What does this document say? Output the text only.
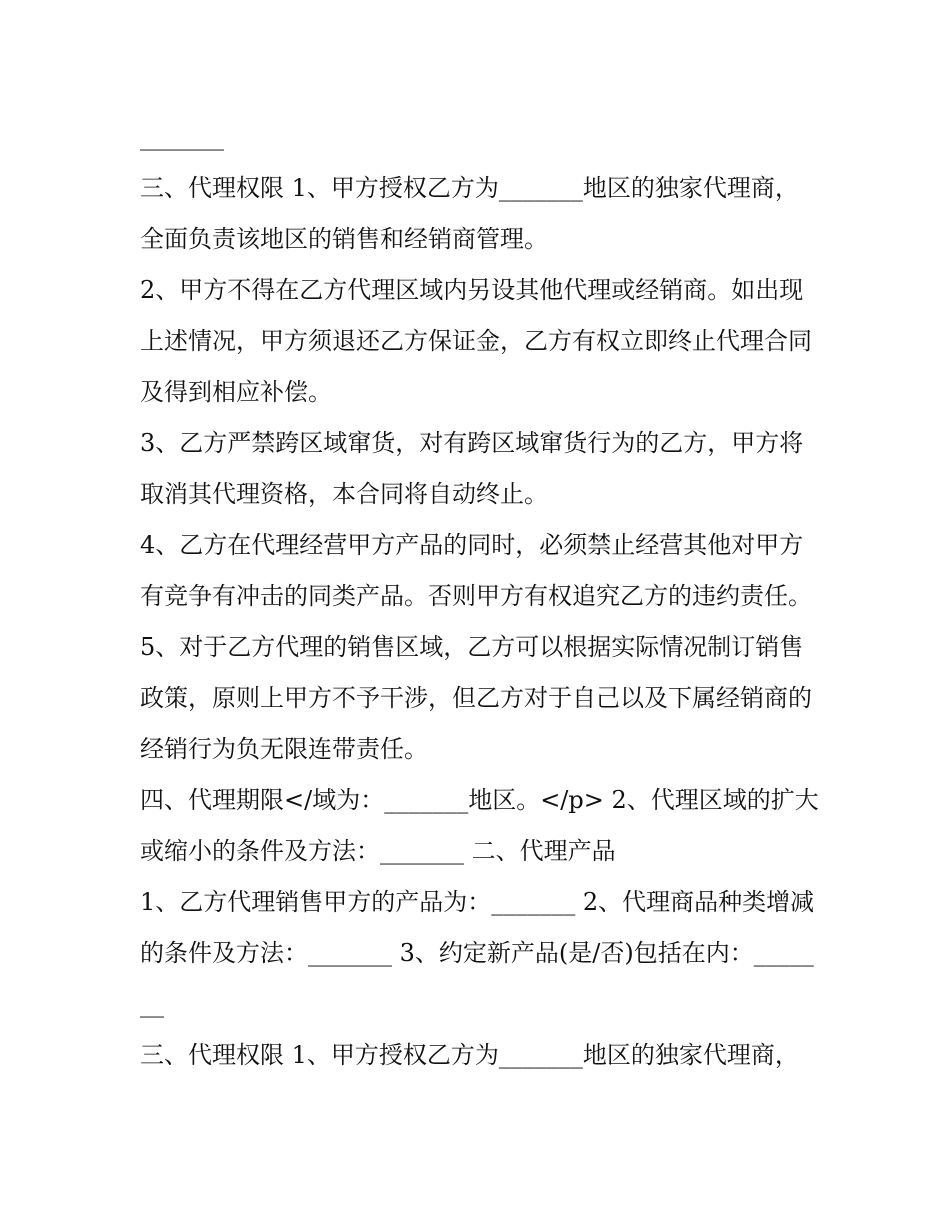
_______

三、代理权限 1、甲方授权乙方为_______地区的独家代理商，全面负责该地区的销售和经销商管理。

2、甲方不得在乙方代理区域内另设其他代理或经销商。如出现上述情况，甲方须退还乙方保证金，乙方有权立即终止代理合同及得到相应补偿。

3、乙方严禁跨区域窜货，对有跨区域窜货行为的乙方，甲方将取消其代理资格，本合同将自动终止。

4、乙方在代理经营甲方产品的同时，必须禁止经营其他对甲方有竞争有冲击的同类产品。否则甲方有权追究乙方的违约责任。

5、对于乙方代理的销售区域，乙方可以根据实际情况制订销售政策，原则上甲方不予干涉，但乙方对于自己以及下属经销商的经销行为负无限连带责任。

四、代理期限</域为：_______地区。</p> 2、代理区域的扩大或缩小的条件及方法：_______ 二、代理产品

1、乙方代理销售甲方的产品为：_______ 2、代理商品种类增减的条件及方法：_______ 3、约定新产品(是/否)包括在内：_______

三、代理权限 1、甲方授权乙方为_______地区的独家代理商，
